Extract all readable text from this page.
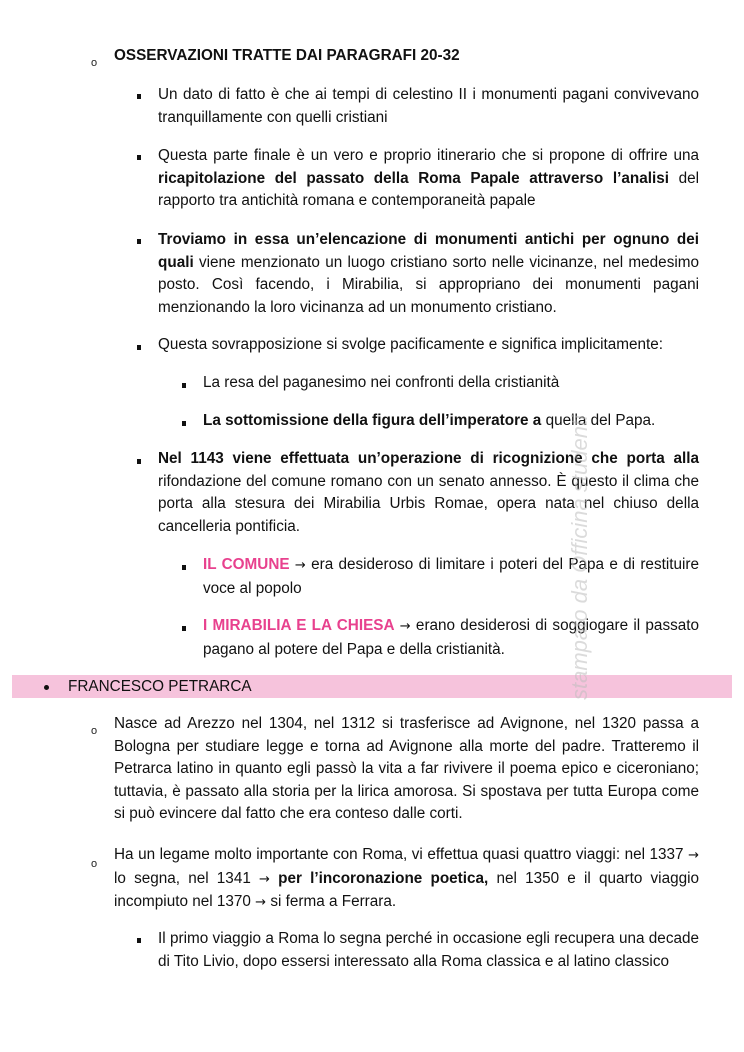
o OSSERVAZIONI TRATTE DAI PARAGRAFI 20-32
Un dato di fatto è che ai tempi di celestino II i monumenti pagani convivevano tranquillamente con quelli cristiani
Questa parte finale è un vero e proprio itinerario che si propone di offrire una ricapitolazione del passato della Roma Papale attraverso l’analisi del rapporto tra antichità romana e contemporaneità papale
Troviamo in essa un’elencazione di monumenti antichi per ognuno dei quali viene menzionato un luogo cristiano sorto nelle vicinanze, nel medesimo posto. Così facendo, i Mirabilia, si appropriano dei monumenti pagani menzionando la loro vicinanza ad un monumento cristiano.
Questa sovrapposizione si svolge pacificamente e significa implicitamente:
La resa del paganesimo nei confronti della cristianità
La sottomissione della figura dell’imperatore a quella del Papa.
Nel 1143 viene effettuata un’operazione di ricognizione che porta alla rifondazione del comune romano con un senato annesso. È questo il clima che porta alla stesura dei Mirabilia Urbis Romae, opera nata nel chiuso della cancelleria pontificia.
IL COMUNE → era desideroso di limitare i poteri del Papa e di restituire voce al popolo
I MIRABILIA E LA CHIESA → erano desiderosi di soggiogare il passato pagano al potere del Papa e della cristianità.
FRANCESCO PETRARCA
o Nasce ad Arezzo nel 1304, nel 1312 si trasferisce ad Avignone, nel 1320 passa a Bologna per studiare legge e torna ad Avignone alla morte del padre. Tratteremo il Petrarca latino in quanto egli passò la vita a far rivivere il poema epico e ciceroniano; tuttavia, è passato alla storia per la lirica amorosa. Si spostava per tutta Europa come si può evincere dal fatto che era conteso dalle corti.
o
Ha un legame molto importante con Roma, vi effettua quasi quattro viaggi: nel 1337 → lo segna, nel 1341 → per l’incoronazione poetica, nel 1350 e il quarto viaggio incompiuto nel 1370 → si ferma a Ferrara.
Il primo viaggio a Roma lo segna perché in occasione egli recupera una decade di Tito Livio, dopo essersi interessato alla Roma classica e al latino classico
stampato da Officina studenti
